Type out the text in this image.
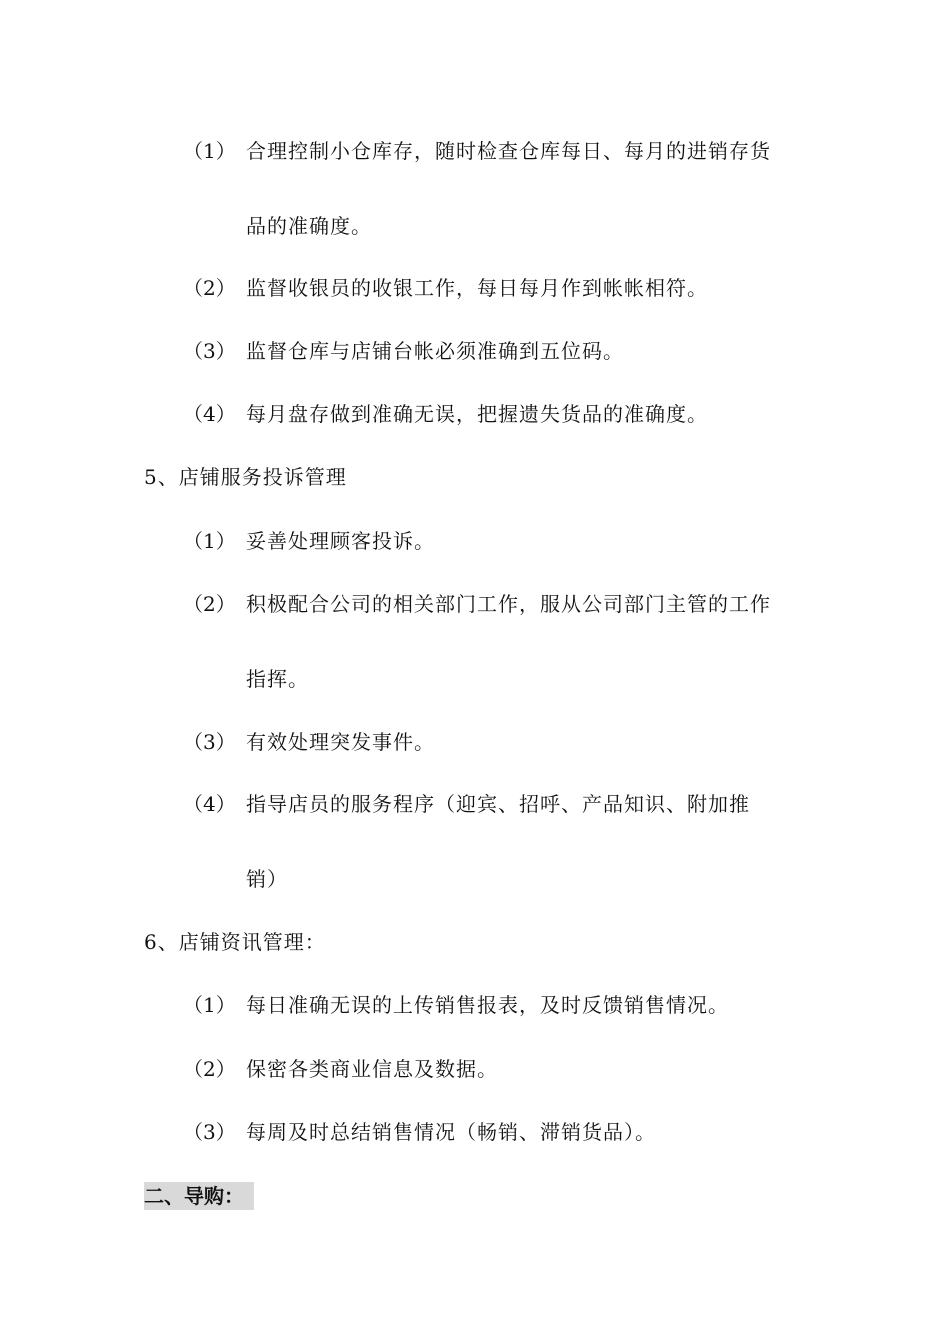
（1） 合理控制小仓库存，随时检查仓库每日、每月的进销存货
品的准确度。
（2） 监督收银员的收银工作，每日每月作到帐帐相符。
（3） 监督仓库与店铺台帐必须准确到五位码。
（4） 每月盘存做到准确无误，把握遗失货品的准确度。
5、店铺服务投诉管理
（1） 妥善处理顾客投诉。
（2） 积极配合公司的相关部门工作，服从公司部门主管的工作
指挥。
（3） 有效处理突发事件。
（4） 指导店员的服务程序（迎宾、招呼、产品知识、附加推
销）
6、店铺资讯管理：
（1） 每日准确无误的上传销售报表，及时反馈销售情况。
（2） 保密各类商业信息及数据。
（3） 每周及时总结销售情况（畅销、滞销货品）。
二、导购：
